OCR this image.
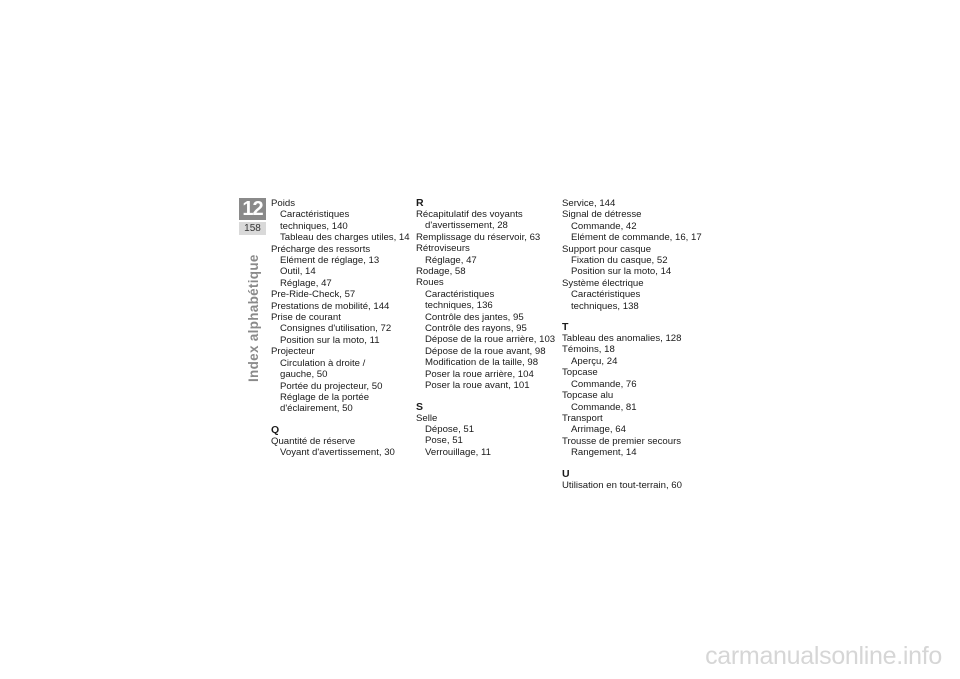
12
158
Index alphabétique
Poids
Caractéristiques
techniques, 140
Tableau des charges utiles, 14
Précharge des ressorts
Elément de réglage, 13
Outil, 14
Réglage, 47
Pre-Ride-Check, 57
Prestations de mobilité, 144
Prise de courant
Consignes d'utilisation, 72
Position sur la moto, 11
Projecteur
Circulation à droite /
gauche, 50
Portée du projecteur, 50
Réglage de la portée
d'éclairement, 50
Q
Quantité de réserve
Voyant d'avertissement, 30
R
Récapitulatif des voyants
d'avertissement, 28
Remplissage du réservoir, 63
Rétroviseurs
Réglage, 47
Rodage, 58
Roues
Caractéristiques
techniques, 136
Contrôle des jantes, 95
Contrôle des rayons, 95
Dépose de la roue arrière, 103
Dépose de la roue avant, 98
Modification de la taille, 98
Poser la roue arrière, 104
Poser la roue avant, 101
S
Selle
Dépose, 51
Pose, 51
Verrouillage, 11
Service, 144
Signal de détresse
Commande, 42
Elément de commande, 16, 17
Support pour casque
Fixation du casque, 52
Position sur la moto, 14
Système électrique
Caractéristiques
techniques, 138
T
Tableau des anomalies, 128
Témoins, 18
Aperçu, 24
Topcase
Commande, 76
Topcase alu
Commande, 81
Transport
Arrimage, 64
Trousse de premier secours
Rangement, 14
U
Utilisation en tout-terrain, 60
carmanualsonline.info
